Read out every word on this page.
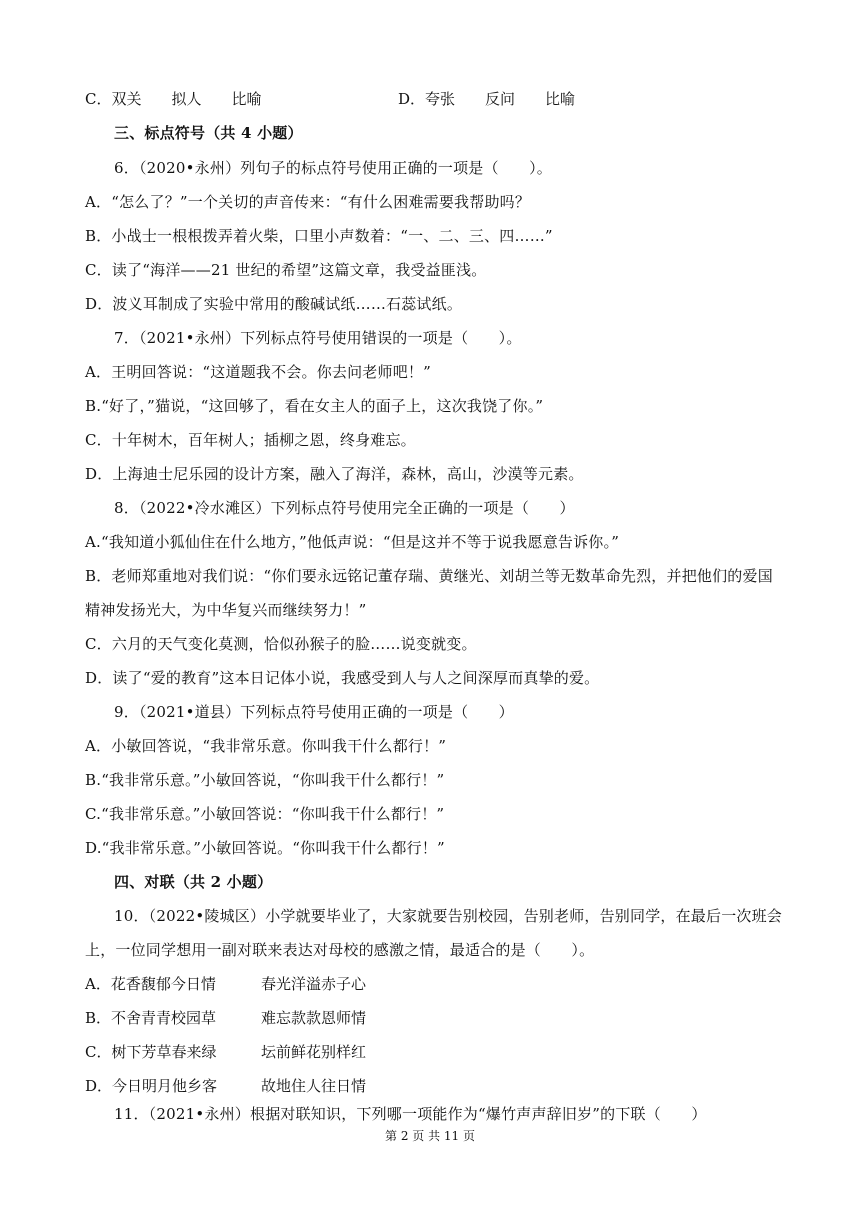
C．双关　　拟人　　比喻	D．夸张　　反问　　比喻
三、标点符号（共 4 小题）
6．（2020•永州）列句子的标点符号使用正确的一项是（　　）。
A．“怎么了？”一个关切的声音传来：“有什么困难需要我帮助吗？
B．小战士一根根拨弄着火柴，口里小声数着：“一、二、三、四……”
C．读了“海洋——21 世纪的希望”这篇文章，我受益匪浅。
D．波义耳制成了实验中常用的酸碱试纸……石蕊试纸。
7．（2021•永州）下列标点符号使用错误的一项是（　　）。
A．王明回答说：“这道题我不会。你去问老师吧！”
B.“好了，”猫说，“这回够了，看在女主人的面子上，这次我饶了你。”
C．十年树木，百年树人；插柳之恩，终身难忘。
D．上海迪士尼乐园的设计方案，融入了海洋，森林，高山，沙漠等元素。
8．（2022•冷水滩区）下列标点符号使用完全正确的一项是（　　）
A.“我知道小狐仙住在什么地方，”他低声说：“但是这并不等于说我愿意告诉你。”
B．老师郑重地对我们说：“你们要永远铭记董存瑞、黄继光、刘胡兰等无数革命先烈，并把他们的爱国
精神发扬光大，为中华复兴而继续努力！”
C．六月的天气变化莫测，恰似孙猴子的脸……说变就变。
D．读了“爱的教育”这本日记体小说，我感受到人与人之间深厚而真挚的爱。
9．（2021•道县）下列标点符号使用正确的一项是（　　）
A．小敏回答说，“我非常乐意。你叫我干什么都行！”
B.“我非常乐意。”小敏回答说，“你叫我干什么都行！”
C.“我非常乐意。”小敏回答说：“你叫我干什么都行！”
D.“我非常乐意。”小敏回答说。“你叫我干什么都行！”
四、对联（共 2 小题）
10．（2022•陵城区）小学就要毕业了，大家就要告别校园，告别老师，告别同学，在最后一次班会
上，一位同学想用一副对联来表达对母校的感激之情，最适合的是（　　）。
A．花香馥郁今日情	春光洋溢赤子心
B．不舍青青校园草	难忘款款恩师情
C．树下芳草春来绿	坛前鲜花别样红
D．今日明月他乡客	故地住人往日情
11．（2021•永州）根据对联知识，下列哪一项能作为“爆竹声声辞旧岁”的下联（　　）
第 2 页 共 11 页
